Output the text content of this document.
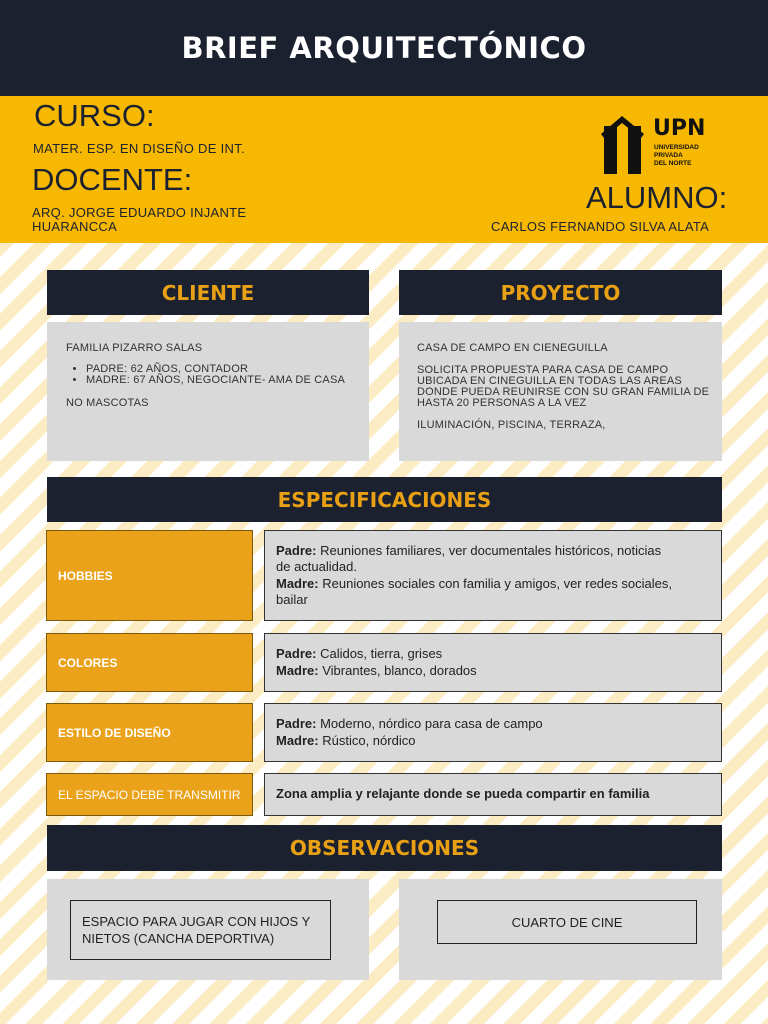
BRIEF ARQUITECTÓNICO
CURSO:
MATER. ESP. EN DISEÑO DE INT.
DOCENTE:
ARQ. JORGE EDUARDO INJANTE
HUARANCCA
ALUMNO:
CARLOS FERNANDO SILVA ALATA
UPN
UNIVERSIDAD
PRIVADA
DEL NORTE
CLIENTE

FAMILIA PIZARRO SALAS

• PADRE: 62 AÑOS, CONTADOR
• MADRE: 67 AÑOS, NEGOCIANTE- AMA DE CASA

NO MASCOTAS

PROYECTO

CASA DE CAMPO EN CIENEGUILLA

SOLICITA PROPUESTA PARA CASA DE CAMPO

UBICADA EN CINEGUILLA EN TODAS LAS AREAS

DONDE PUEDA REUNIRSE CON SU GRAN FAMILIA DE

HASTA 20 PERSONAS A LA VEZ

ILUMINACIÓN, PISCINA, TERRAZA,

ESPECIFICACIONES
HOBBIES
Padre: Reuniones familiares, ver documentales históricos, noticias
de actualidad.
Madre: Reuniones sociales con familia y amigos, ver redes sociales,
bailar
COLORES
Padre: Calidos, tierra, grises
Madre: Vibrantes, blanco, dorados
ESTILO DE DISEÑO
Padre: Moderno, nórdico para casa de campo
Madre: Rústico, nórdico
EL ESPACIO DEBE TRANSMITIR	Zona amplia y relajante donde se pueda compartir en familia
OBSERVACIONES
ESPACIO PARA JUGAR CON HIJOS Y
NIETOS (CANCHA DEPORTIVA)
CUARTO DE CINE
